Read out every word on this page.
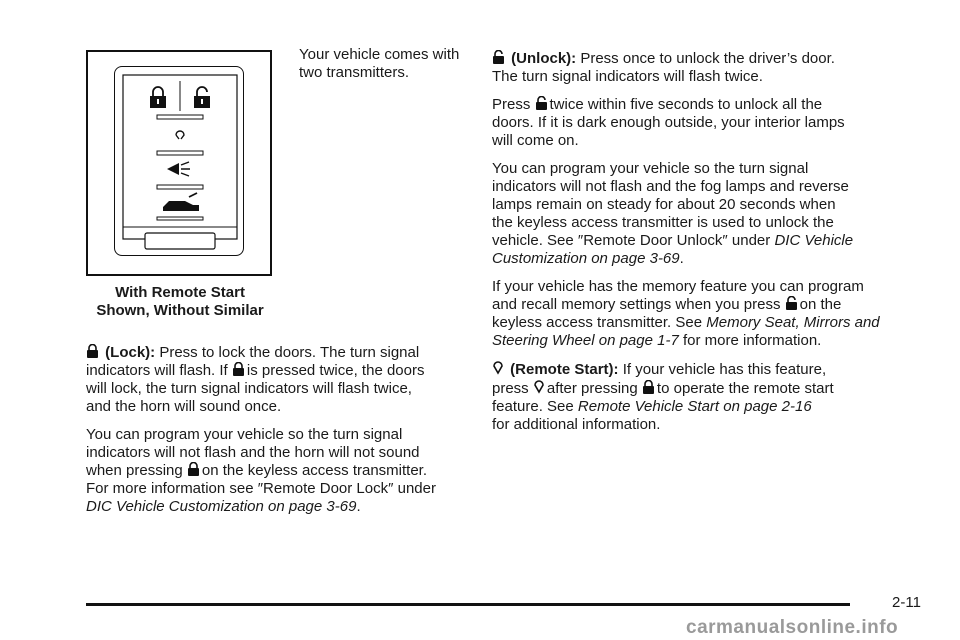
Your vehicle comes with two transmitters.
With Remote Start
Shown, Without Similar
(Lock): Press to lock the doors. The turn signal
indicators will flash. If is pressed twice, the doors
will lock, the turn signal indicators will flash twice,
and the horn will sound once.
You can program your vehicle so the turn signal
indicators will not flash and the horn will not sound
when pressing on the keyless access transmitter.
For more information see ″Remote Door Lock″ under
DIC Vehicle Customization on page 3-69.
(Unlock): Press once to unlock the driver’s door.
The turn signal indicators will flash twice.
Press twice within five seconds to unlock all the
doors. If it is dark enough outside, your interior lamps
will come on.
You can program your vehicle so the turn signal
indicators will not flash and the fog lamps and reverse
lamps remain on steady for about 20 seconds when
the keyless access transmitter is used to unlock the
vehicle. See ″Remote Door Unlock″ under DIC Vehicle Customization on page 3-69.
If your vehicle has the memory feature you can program
and recall memory settings when you press on the
keyless access transmitter. See Memory Seat, Mirrors and Steering Wheel on page 1-7 for more information.
(Remote Start): If your vehicle has this feature,
press after pressing to operate the remote start
feature. See Remote Vehicle Start on page 2-16
for additional information.
2-11
carmanualsonline.info
